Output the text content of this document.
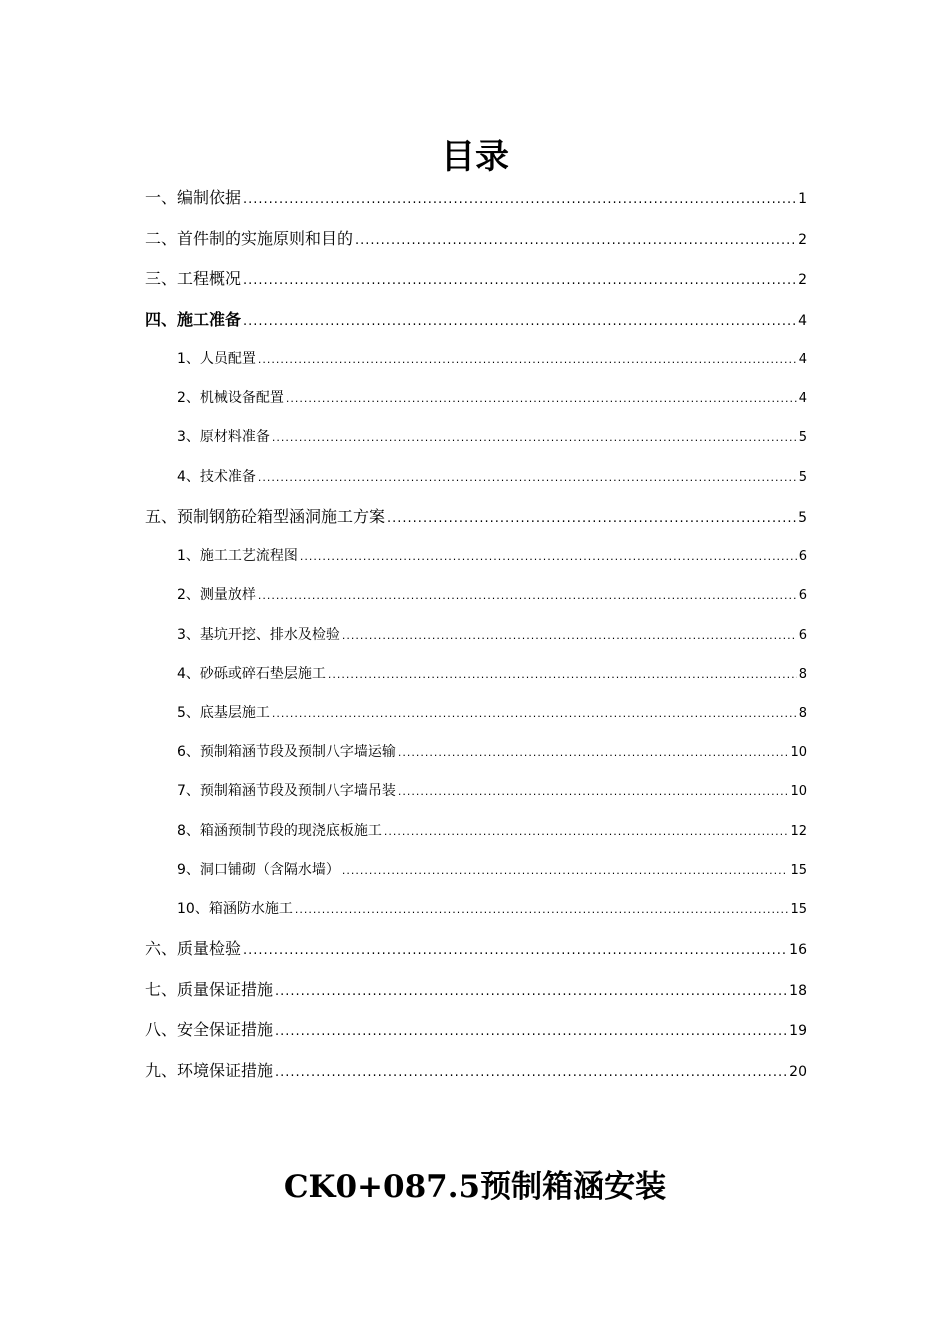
目录
一、编制依据 .....	1
二、首件制的实施原则和目的 .....	2
三、工程概况 .....	2
四、施工准备 .....	4
1、人员配置 .....	4
2、机械设备配置 .....	4
3、原材料准备 .....	5
4、技术准备 .....	5
五、预制钢筋砼箱型涵洞施工方案 .....	5
1、施工工艺流程图 .....	6
2、测量放样 .....	6
3、基坑开挖、排水及检验 .....	6
4、砂砾或碎石垫层施工 .....	8
5、底基层施工 .....	8
6、预制箱涵节段及预制八字墙运输 .....	10
7、预制箱涵节段及预制八字墙吊装 .....	10
8、箱涵预制节段的现浇底板施工 .....	12
9、洞口铺砌（含隔水墙） .....	15
10、箱涵防水施工 .....	15
六、质量检验 .....	16
七、质量保证措施 .....	18
八、安全保证措施 .....	19
九、环境保证措施 .....	20
CK0+087.5预制箱涵安装
